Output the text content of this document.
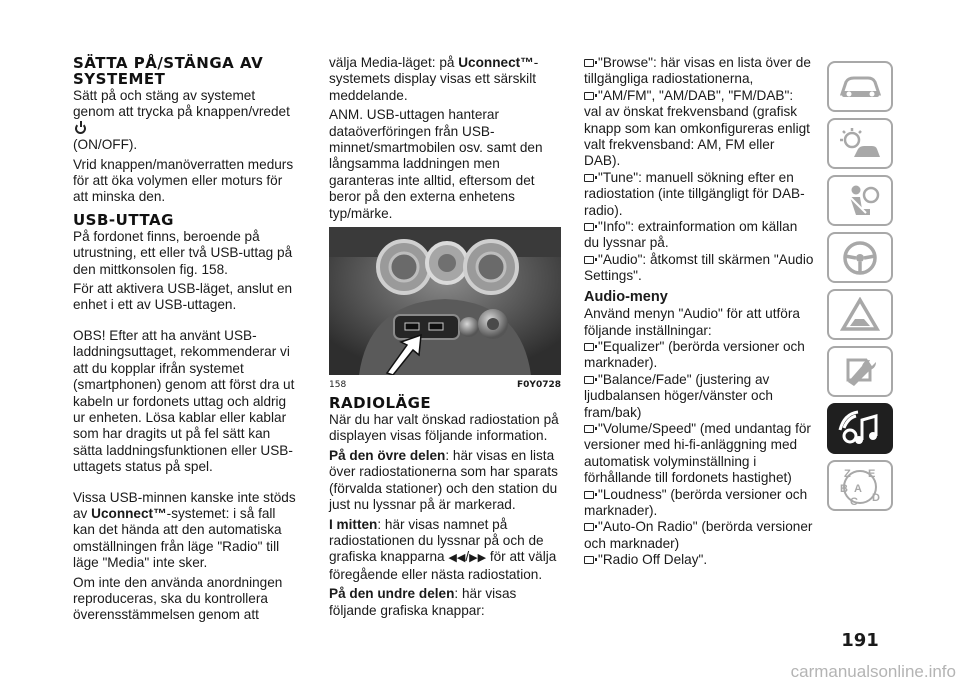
SÄTTA PÅ/STÄNGA AV SYSTEMET

Sätt på och stäng av systemet genom att trycka på knappen/vredet
(ON/OFF).

Vrid knappen/manöverratten medurs för att öka volymen eller moturs för att minska den.

USB-UTTAG

På fordonet finns, beroende på utrustning, ett eller två USB-uttag på den mittkonsolen fig. 158.

För att aktivera USB-läget, anslut en enhet i ett av USB-uttagen.

OBS! Efter att ha använt USB-laddningsuttaget, rekommenderar vi att du kopplar ifrån systemet (smartphonen) genom att först dra ut kabeln ur fordonets uttag och aldrig ur enheten. Lösa kablar eller kablar som har dragits ut på fel sätt kan sätta laddningsfunktionen eller USB-uttagets status på spel.

Vissa USB-minnen kanske inte stöds av Uconnect™-systemet: i så fall kan det hända att den automatiska omställningen från läge "Radio" till läge "Media" inte sker.

Om inte den använda anordningen reproduceras, ska du kontrollera överensstämmelsen genom att

välja Media-läget: på Uconnect™-systemets display visas ett särskilt meddelande.

ANM. USB-uttagen hanterar dataöverföringen från USB-minnet/smartmobilen osv. samt den långsamma laddningen men garanteras inte alltid, eftersom det beror på den externa enhetens typ/märke.

158	F0Y0728
RADIOLÄGE

När du har valt önskad radiostation på displayen visas följande information.

På den övre delen: här visas en lista över radiostationerna som har sparats (förvalda stationer) och den station du just nu lyssnar på är markerad.

I mitten: här visas namnet på radiostationen du lyssnar på och de grafiska knapparna ◀◀/▶▶ för att välja föregående eller nästa radiostation.

På den undre delen: här visas följande grafiska knappar:

"Browse": här visas en lista över de tillgängliga radiostationerna,

"AM/FM", "AM/DAB", "FM/DAB": val av önskat frekvensband (grafisk knapp som kan omkonfigureras enligt valt frekvensband: AM, FM eller DAB).

"Tune": manuell sökning efter en radiostation (inte tillgängligt för DAB-radio).

"Info": extrainformation om källan du lyssnar på.

"Audio": åtkomst till skärmen "Audio Settings".

Audio-meny

Använd menyn "Audio" för att utföra följande inställningar:

"Equalizer" (berörda versioner och marknader).

"Balance/Fade" (justering av ljudbalansen höger/vänster och fram/bak)

"Volume/Speed" (med undantag för versioner med hi-fi-anläggning med automatisk volyminställning i förhållande till fordonets hastighet)

"Loudness" (berörda versioner och marknader).

"Auto-On Radio" (berörda versioner och marknader)

"Radio Off Delay".

Z E
B A
C D
191
carmanualsonline.info
